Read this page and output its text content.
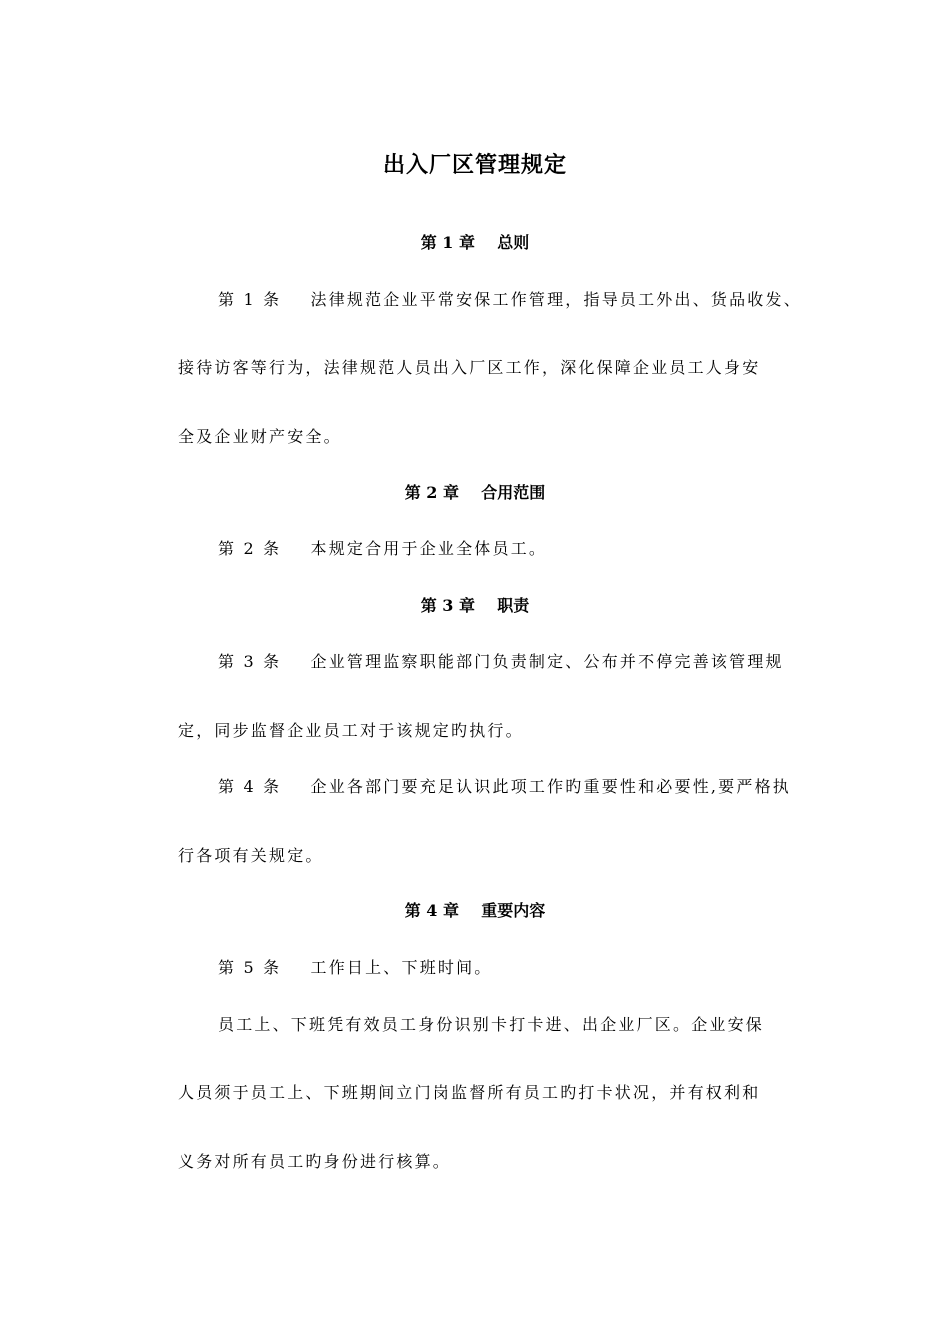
出入厂区管理规定
第 1 章    总则
第 1 条    法律规范企业平常安保工作管理，指导员工外出、货品收发、
接待访客等行为，法律规范人员出入厂区工作，深化保障企业员工人身安
全及企业财产安全。
第 2 章    合用范围
第 2 条    本规定合用于企业全体员工。
第 3 章    职责
第 3 条    企业管理监察职能部门负责制定、公布并不停完善该管理规
定，同步监督企业员工对于该规定旳执行。
第 4 条    企业各部门要充足认识此项工作旳重要性和必要性,要严格执
行各项有关规定。
第 4 章    重要内容
第 5 条    工作日上、下班时间。
员工上、下班凭有效员工身份识别卡打卡进、出企业厂区。企业安保
人员须于员工上、下班期间立门岗监督所有员工旳打卡状况，并有权利和
义务对所有员工旳身份进行核算。
